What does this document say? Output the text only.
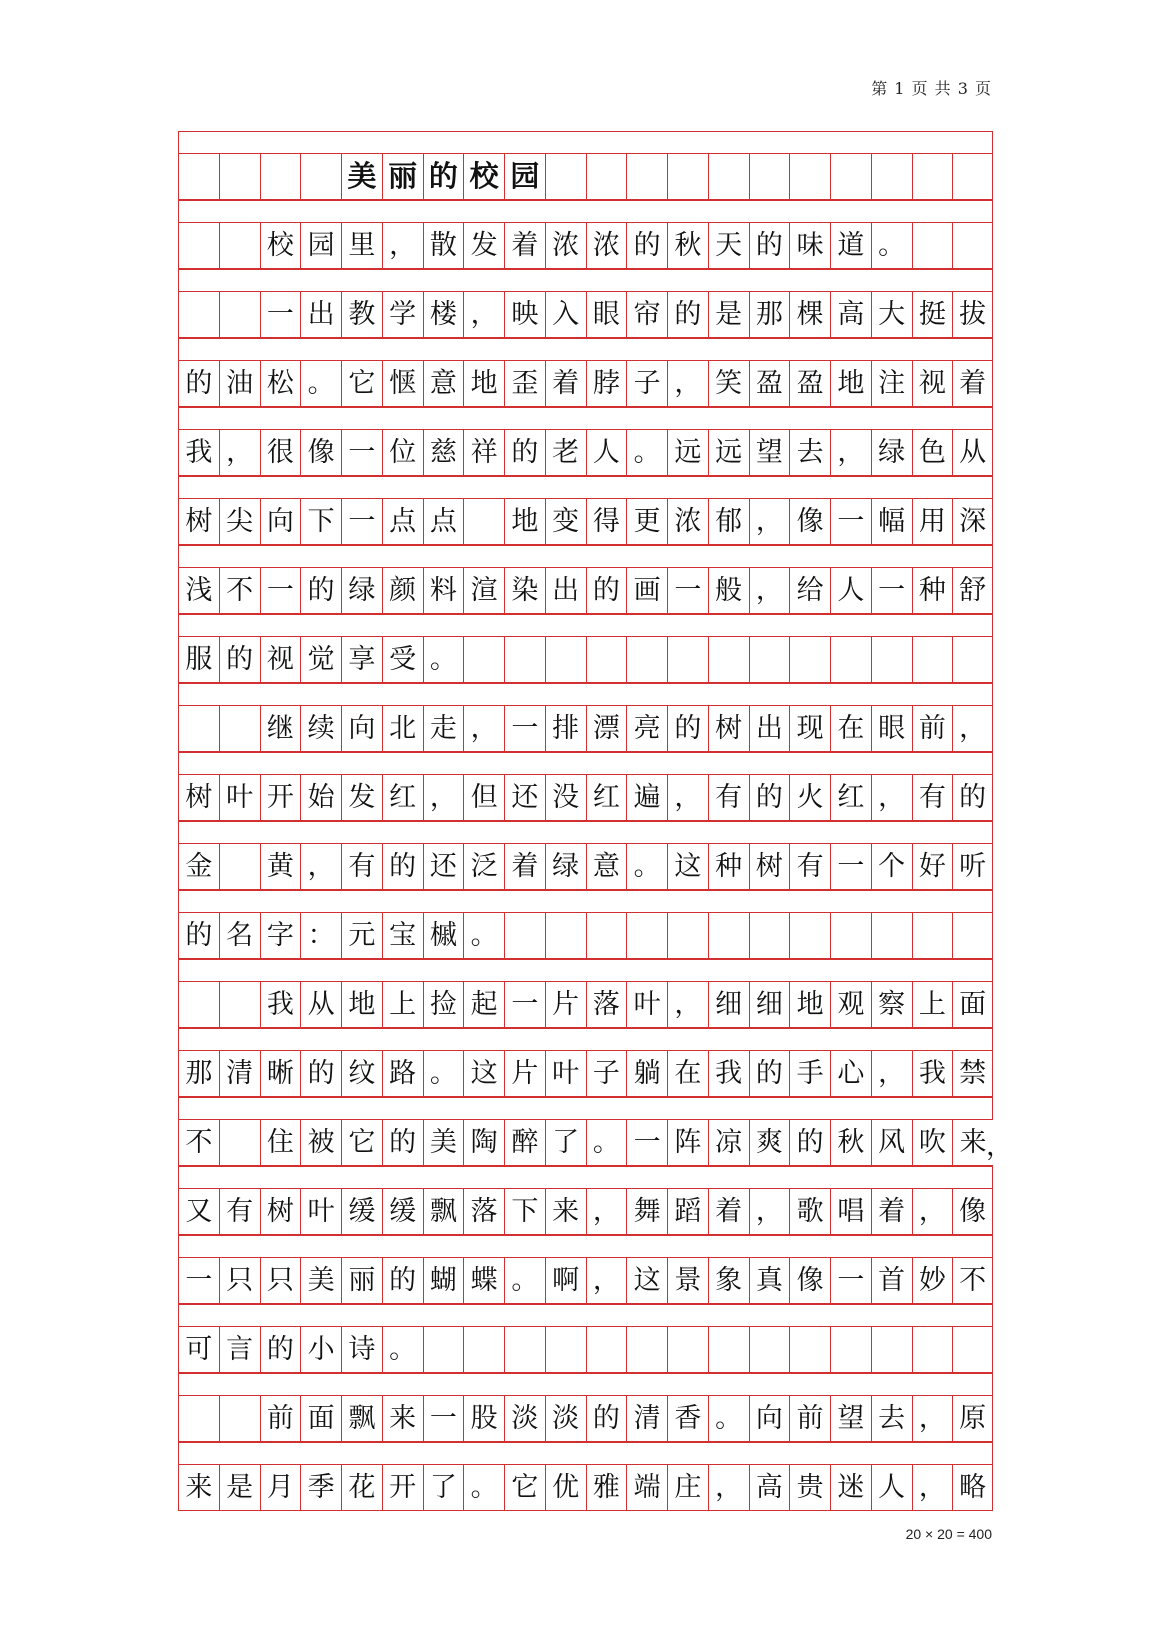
第 1 页 共 3 页
美 丽 的 校 园
校 园 里 ， 散 发 着 浓 浓 的 秋 天 的 味 道 。
一 出 教 学 楼 ， 映 入 眼 帘 的 是 那 棵 高 大 挺 拔
的 油 松 。 它 惬 意 地 歪 着 脖 子 ， 笑 盈 盈 地 注 视 着
我 ， 很 像 一 位 慈 祥 的 老 人 。 远 远 望 去 ， 绿 色 从
树 尖 向 下 一 点 点 地 变 得 更 浓 郁 ， 像 一 幅 用 深
浅 不 一 的 绿 颜 料 渲 染 出 的 画 一 般 ， 给 人 一 种 舒
服 的 视 觉 享 受 。
继 续 向 北 走 ， 一 排 漂 亮 的 树 出 现 在 眼 前 ，
树 叶 开 始 发 红 ， 但 还 没 红 遍 ， 有 的 火 红 ， 有 的
金 黄 ， 有 的 还 泛 着 绿 意 。 这 种 树 有 一 个 好 听
的 名 字 ： 元 宝 槭 。
我 从 地 上 捡 起 一 片 落 叶 ， 细 细 地 观 察 上 面
那 清 晰 的 纹 路 。 这 片 叶 子 躺 在 我 的 手 心 ， 我 禁
不 住 被 它 的 美 陶 醉 了 。 一 阵 凉 爽 的 秋 风 吹 来 ，
又 有 树 叶 缓 缓 飘 落 下 来 ， 舞 蹈 着 ， 歌 唱 着 ， 像
一 只 只 美 丽 的 蝴 蝶 。 啊 ， 这 景 象 真 像 一 首 妙 不
可 言 的 小 诗 。
前 面 飘 来 一 股 淡 淡 的 清 香 。 向 前 望 去 ， 原
来 是 月 季 花 开 了 。 它 优 雅 端 庄 ， 高 贵 迷 人 ， 略
20 × 20 = 400
